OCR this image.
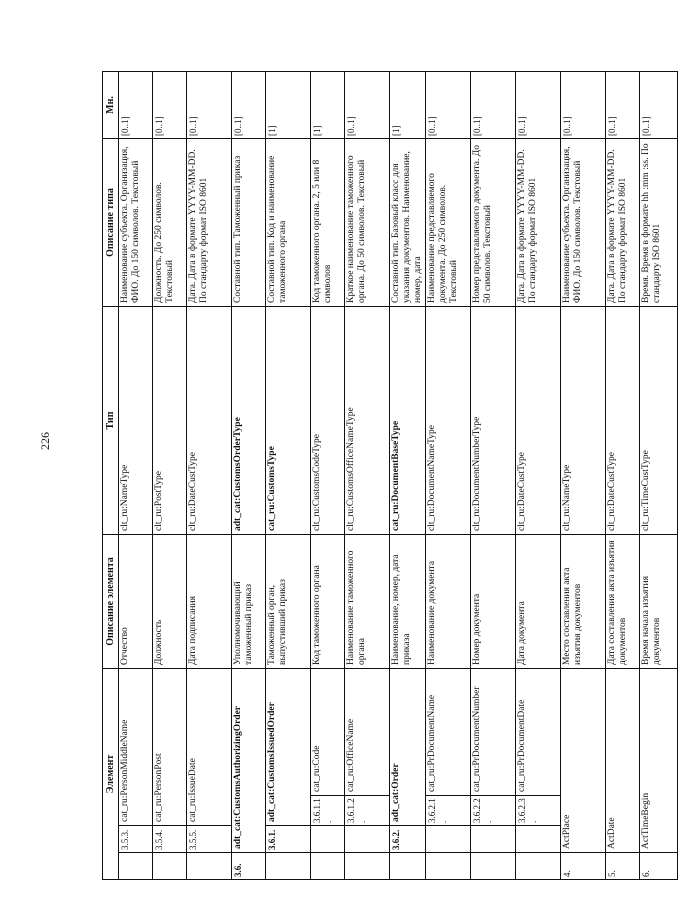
226
Элемент				Описание элемента	Тип	Описание типа	Мн.
	3.5.3.	cat_ru:PersonMiddleName		Отчество	clt_ru:NameType	Наименование субъекта. Организация, ФИО. До 150 символов. Текстовый	[0..1]
	3.5.4.	cat_ru:PersonPost		Должность	clt_ru:PostType	Должность. До 250 символов. Текстовый	[0..1]
	3.5.5.	cat_ru:IssueDate		Дата подписания	clt_ru:DateCustType	Дата. Дата в формате YYYY-MM-DD. По стандарту формат ISO 8601	[0..1]
3.6.	adt_cat:CustomsAuthorizingOrder			Уполномочивающий таможенный приказ	adt_cat:CustomsOrderType	Составной тип. Таможенный приказ	[0..1]
	3.6.1.	adt_cat:CustomsIssuedOrder		Таможенный орган, выпустивший приказ	cat_ru:CustomsType	Составной тип. Код и наименование таможенного органа	[1]
		3.6.1.1.	cat_ru:Code	Код таможенного органа	clt_ru:CustomsCodeType	Код таможенного органа. 2, 5 или 8 символов	[1]
		3.6.1.2.	cat_ru:OfficeName	Наименование таможенного органа	clt_ru:CustomsOfficeNameType	Краткое наименование таможенного органа. До 50 символов. Текстовый	[0..1]
	3.6.2.	adt_cat:Order		Наименование, номер, дата приказа	cat_ru:DocumentBaseType	Составной тип. Базовый класс для указания документов. Наименование, номер, дата	[1]
		3.6.2.1.	cat_ru:PrDocumentName	Наименование документа	clt_ru:DocumentNameType	Наименование представляемого документа. До 250 символов. Текстовый	[0..1]
		3.6.2.2.	cat_ru:PrDocumentNumber	Номер документа	clt_ru:DocumentNumberType	Номер представляемого документа. До 50 символов. Текстовый	[0..1]
		3.6.2.3.	cat_ru:PrDocumentDate	Дата документа	clt_ru:DateCustType	Дата. Дата в формате YYYY-MM-DD. По стандарту формат ISO 8601	[0..1]
4.	ActPlace			Место составления акта изъятия документов	clt_ru:NameType	Наименование субъекта. Организация, ФИО. До 150 символов. Текстовый	[0..1]
5.	ActDate			Дата составления акта изъятия документов	clt_ru:DateCustType	Дата. Дата в формате YYYY-MM-DD. По стандарту формат ISO 8601	[0..1]
6.	ActTimeBegin			Время начала изъятия документов	clt_ru:TimeCustType	Время. Время в формате hh :mm :ss. По стандарту ISO 8601	[0..1]
